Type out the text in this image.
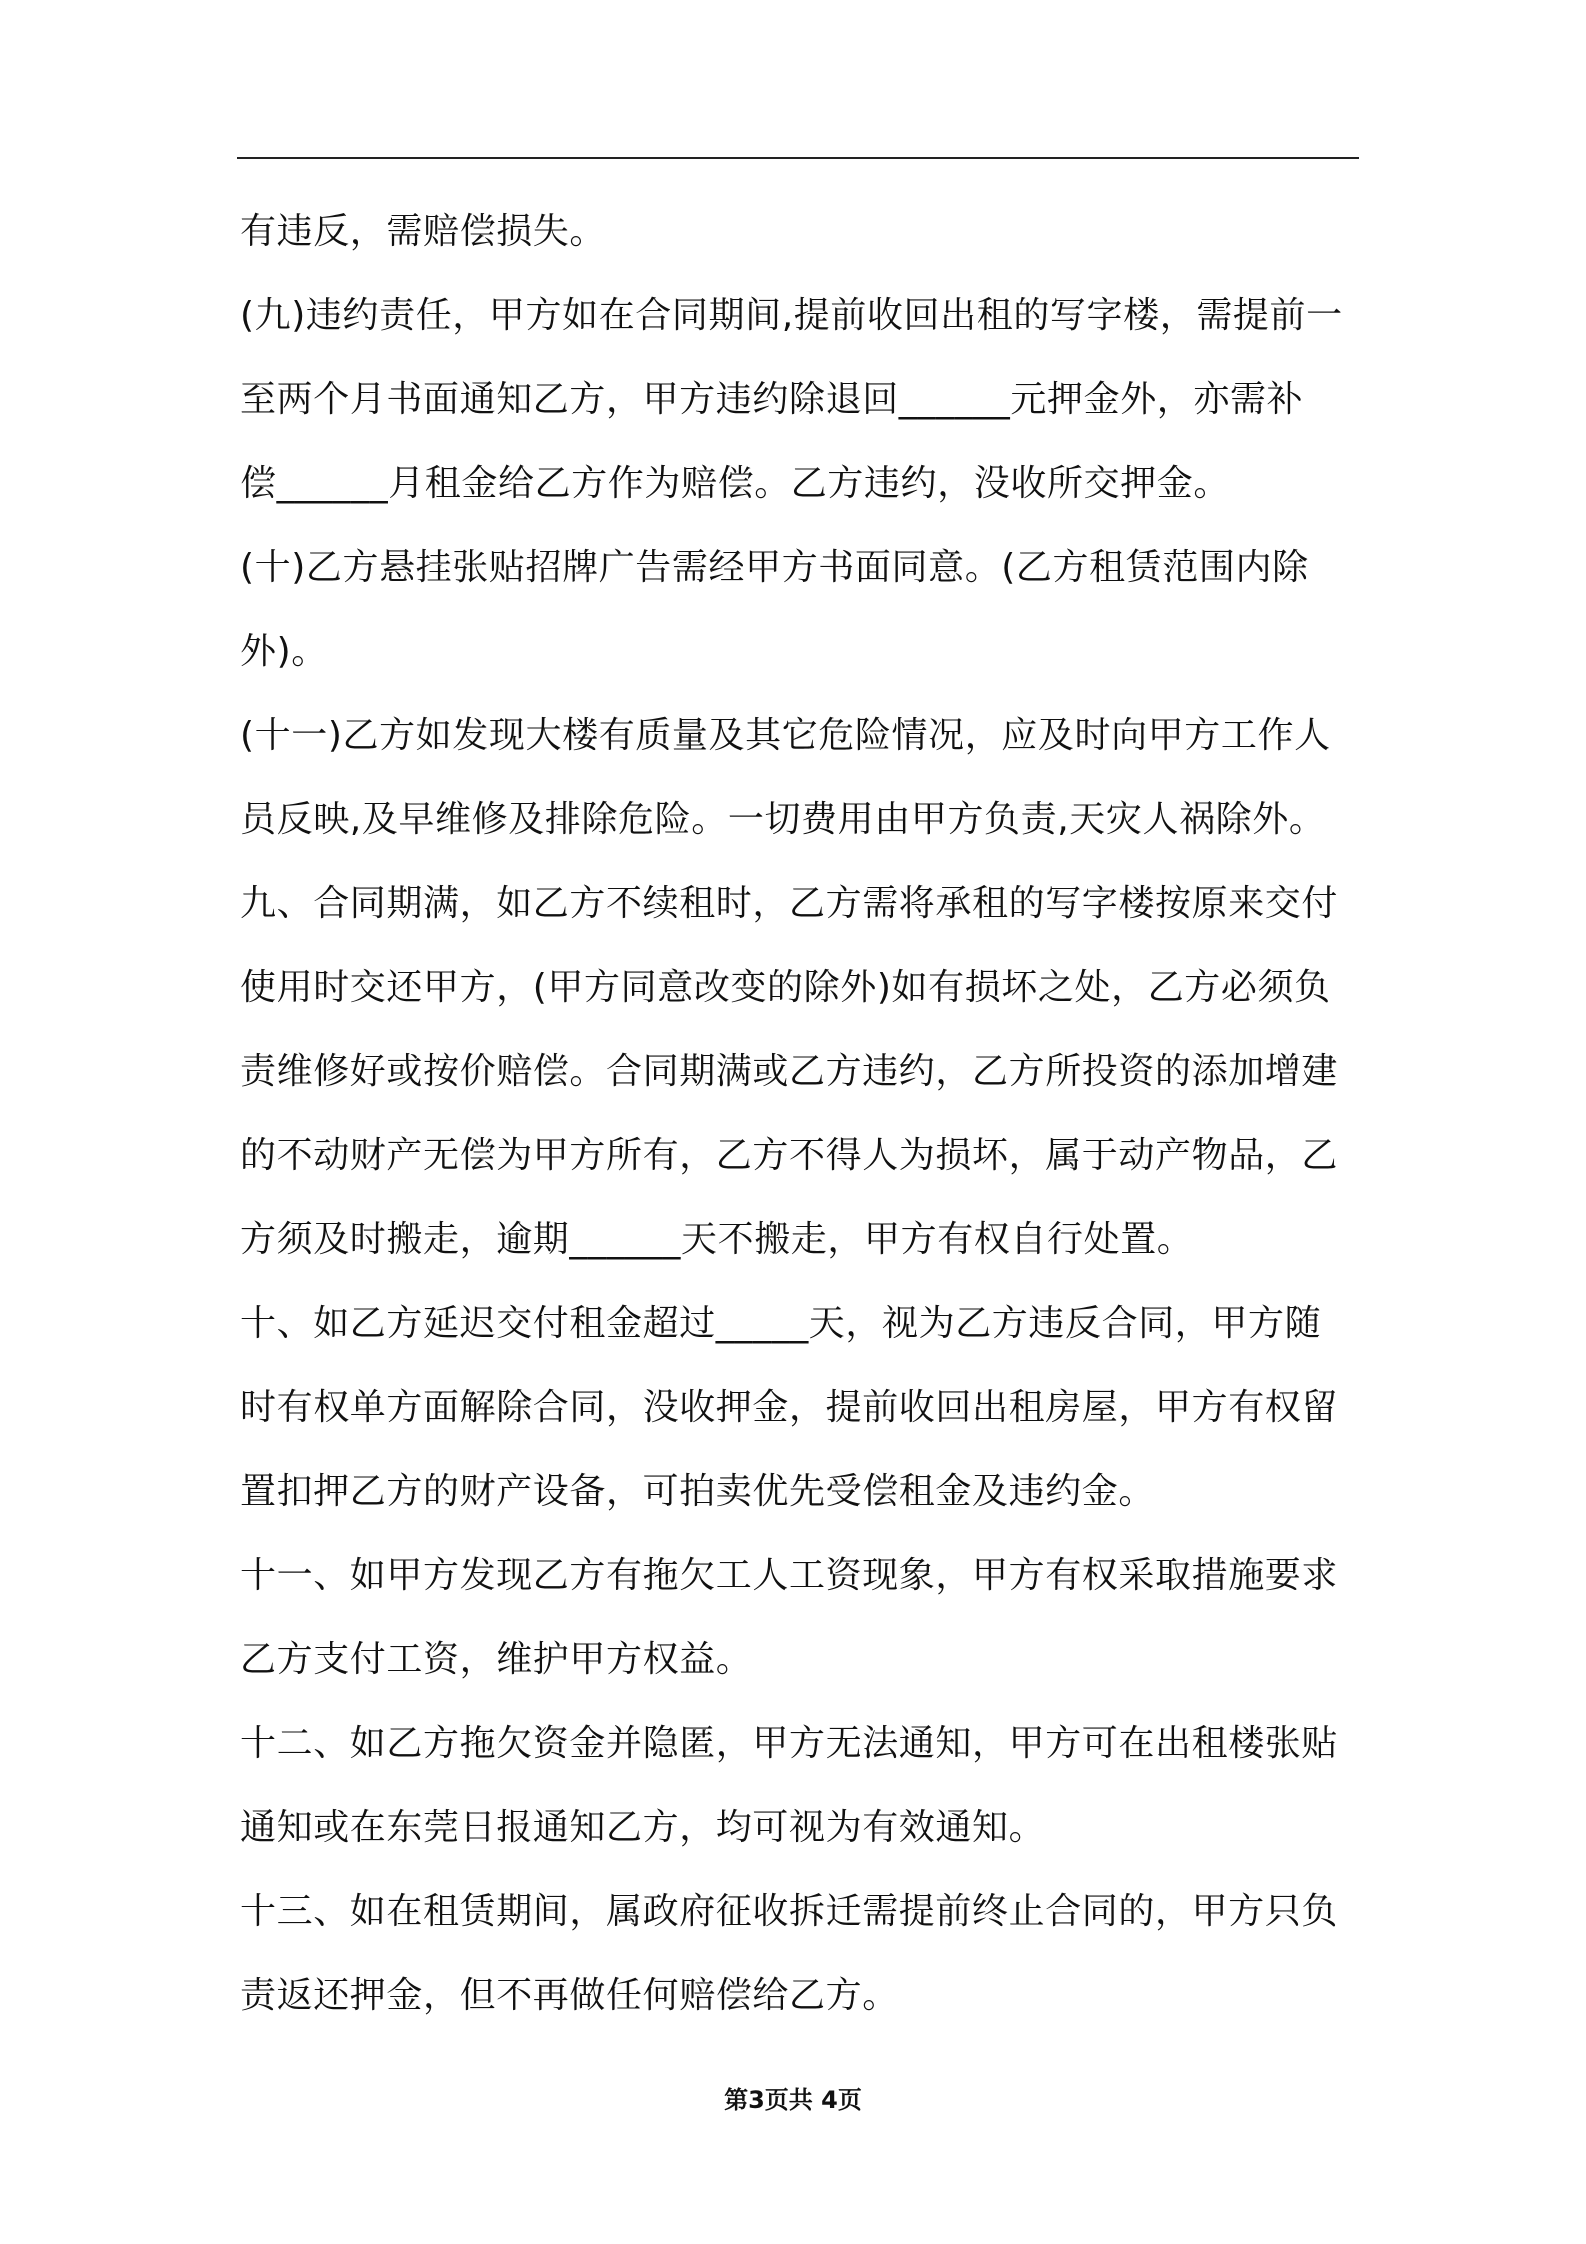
有违反，需赔偿损失。
(九)违约责任，甲方如在合同期间,提前收回出租的写字楼，需提前一
至两个月书面通知乙方，甲方违约除退回______元押金外，亦需补
偿______月租金给乙方作为赔偿。乙方违约，没收所交押金。
(十)乙方悬挂张贴招牌广告需经甲方书面同意。(乙方租赁范围内除
外)。
(十一)乙方如发现大楼有质量及其它危险情况，应及时向甲方工作人
员反映,及早维修及排除危险。一切费用由甲方负责,天灾人祸除外。
九、合同期满，如乙方不续租时，乙方需将承租的写字楼按原来交付
使用时交还甲方，(甲方同意改变的除外)如有损坏之处，乙方必须负
责维修好或按价赔偿。合同期满或乙方违约，乙方所投资的添加增建
的不动财产无偿为甲方所有，乙方不得人为损坏，属于动产物品，乙
方须及时搬走，逾期______天不搬走，甲方有权自行处置。
十、如乙方延迟交付租金超过_____天，视为乙方违反合同，甲方随
时有权单方面解除合同，没收押金，提前收回出租房屋，甲方有权留
置扣押乙方的财产设备，可拍卖优先受偿租金及违约金。
十一、如甲方发现乙方有拖欠工人工资现象，甲方有权采取措施要求
乙方支付工资，维护甲方权益。
十二、如乙方拖欠资金并隐匿，甲方无法通知，甲方可在出租楼张贴
通知或在东莞日报通知乙方，均可视为有效通知。
十三、如在租赁期间，属政府征收拆迁需提前终止合同的，甲方只负
责返还押金，但不再做任何赔偿给乙方。
第3页共 4页
